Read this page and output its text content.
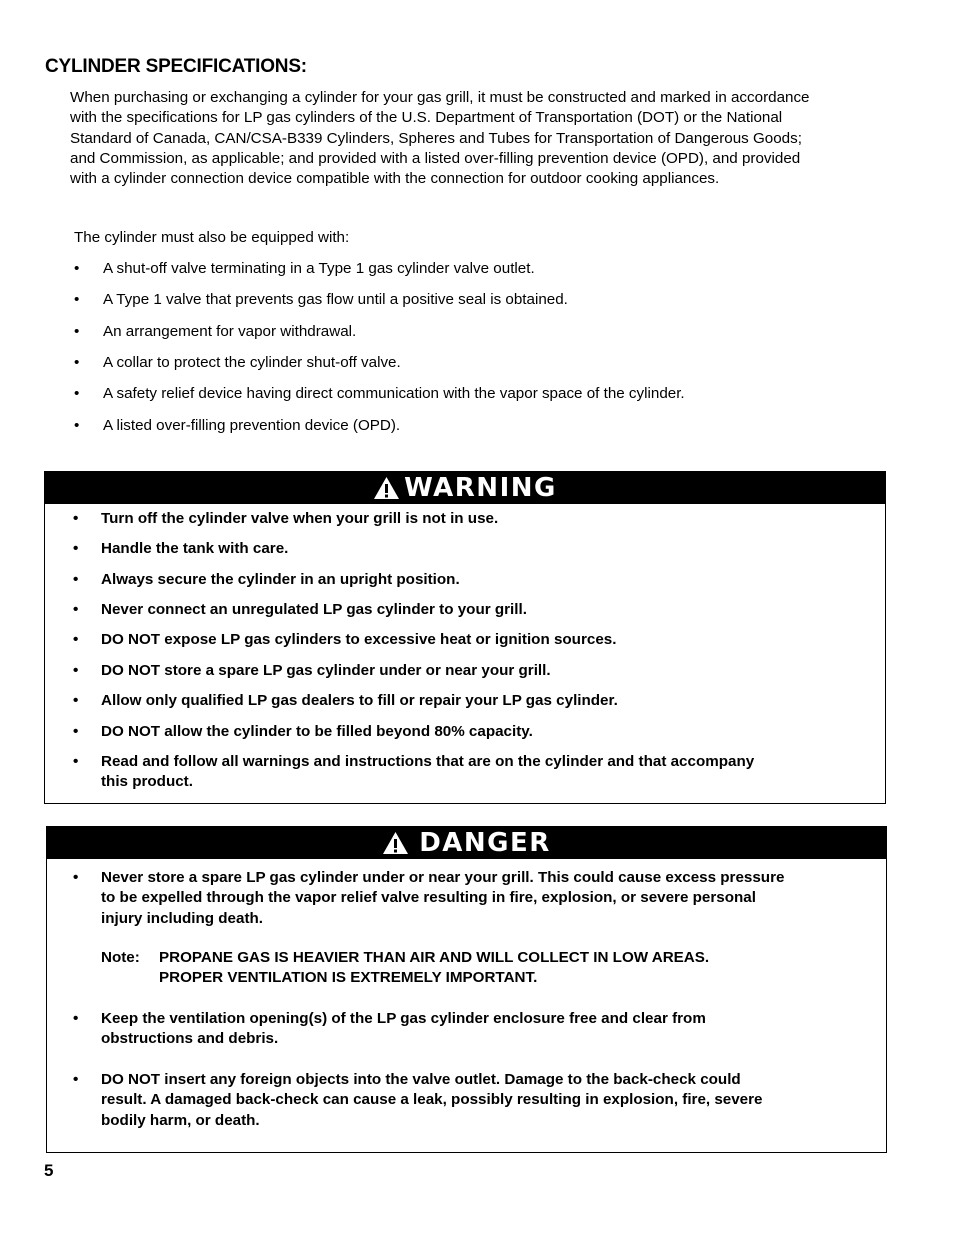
CYLINDER SPECIFICATIONS:

When purchasing or exchanging a cylinder for your gas grill, it must be constructed and marked in accordance with the specifications for LP gas cylinders of the U.S. Department of Transportation (DOT) or the National Standard of Canada, CAN/CSA-B339 Cylinders, Spheres and Tubes for Transportation of Dangerous Goods; and Commission, as applicable; and provided with a listed over-filling prevention device (OPD), and provided with a cylinder connection device compatible with the connection for outdoor cooking appliances.

The cylinder must also be equipped with:

• A shut-off valve terminating in a Type 1 gas cylinder valve outlet.
• A Type 1 valve that prevents gas flow until a positive seal is obtained.
• An arrangement for vapor withdrawal.
• A collar to protect the cylinder shut-off valve.
• A safety relief device having direct communication with the vapor space of the cylinder.
• A listed over-filling prevention device (OPD).
WARNING
• Turn off the cylinder valve when your grill is not in use.
• Handle the tank with care.
• Always secure the cylinder in an upright position.
• Never connect an unregulated LP gas cylinder to your grill.
• DO NOT expose LP gas cylinders to excessive heat or ignition sources.
• DO NOT store a spare LP gas cylinder under or near your grill.
• Allow only qualified LP gas dealers to fill or repair your LP gas cylinder.
• DO NOT allow the cylinder to be filled beyond 80% capacity.
• Read and follow all warnings and instructions that are on the cylinder and that accompany
this product.
DANGER
• Never store a spare LP gas cylinder under or near your grill. This could cause excess pressure
to be expelled through the vapor relief valve resulting in fire, explosion, or severe personal
injury including death.
• Keep the ventilation opening(s) of the LP gas cylinder enclosure free and clear from
obstructions and debris.
• DO NOT insert any foreign objects into the valve outlet. Damage to the back-check could
result. A damaged back-check can cause a leak, possibly resulting in explosion, fire, severe
bodily harm, or death.
Note: PROPANE GAS IS HEAVIER THAN AIR AND WILL COLLECT IN LOW AREAS.
PROPER VENTILATION IS EXTREMELY IMPORTANT.

5
